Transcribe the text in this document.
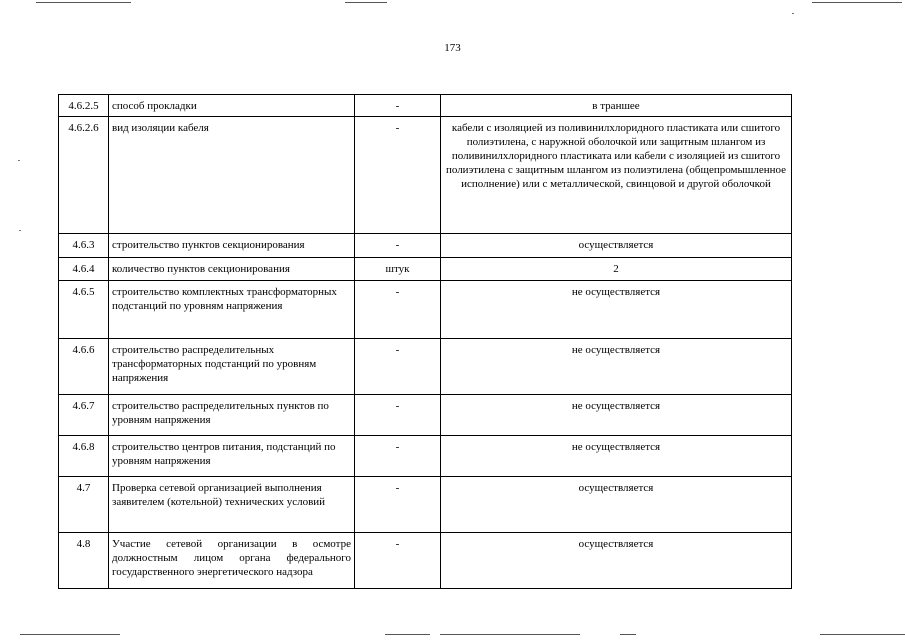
173
4.6.2.5	способ прокладки	-	в траншее
4.6.2.6	вид изоляции кабеля	-	кабели с изоляцией из поливинилхлоридного пластиката или сшитого полиэтилена, с наружной оболочкой или защитным шлангом из поливинилхлоридного пластиката или кабели с изоляцией из сшитого полиэтилена с защитным шлангом из полиэтилена (общепромышленное исполнение) или с металлической, свинцовой и другой оболочкой
4.6.3	строительство пунктов секционирования	-	осуществляется
4.6.4	количество пунктов секционирования	штук	2
4.6.5	строительство комплектных трансформаторных подстанций по уровням напряжения	-	не осуществляется
4.6.6	строительство распределительных трансформаторных подстанций по уровням напряжения	-	не осуществляется
4.6.7	строительство распределительных пунктов по уровням напряжения	-	не осуществляется
4.6.8	строительство центров питания, подстанций по уровням напряжения	-	не осуществляется
4.7	Проверка сетевой организацией выполнения заявителем (котельной) технических условий	-	осуществляется
4.8	Участие сетевой организации в осмотре должностным лицом органа федерального государственного энергетического надзора	-	осуществляется
